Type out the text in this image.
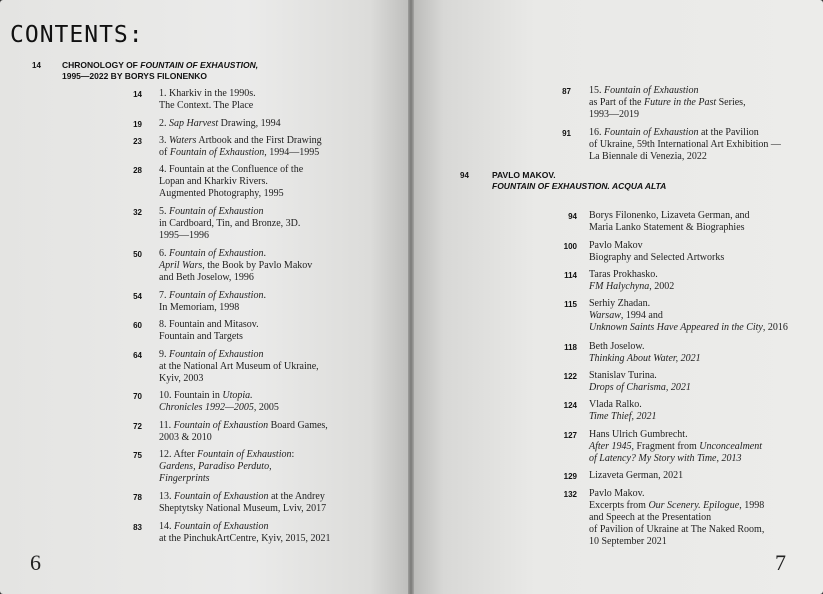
CONTENTS:
14 CHRONOLOGY OF FOUNTAIN OF EXHAUSTION,
1995—2022 BY BORYS FILONENKO
14 1. Kharkiv in the 1990s.
The Context. The Place
19 2. Sap Harvest Drawing, 1994
23 3. Waters Artbook and the First Drawing
of Fountain of Exhaustion, 1994—1995
28 4. Fountain at the Confluence of the
Lopan and Kharkiv Rivers.
Augmented Photography, 1995
32 5. Fountain of Exhaustion
in Cardboard, Tin, and Bronze, 3D.
1995—1996
50 6. Fountain of Exhaustion.
April Wars, the Book by Pavlo Makov
and Beth Joselow, 1996
54 7. Fountain of Exhaustion.
In Memoriam, 1998
60 8. Fountain and Mitasov.
Fountain and Targets
64 9. Fountain of Exhaustion
at the National Art Museum of Ukraine,
Kyiv, 2003
70 10. Fountain in Utopia.
Chronicles 1992—2005, 2005
72 11. Fountain of Exhaustion Board Games,
2003 & 2010
75 12. After Fountain of Exhaustion:
Gardens, Paradiso Perduto,
Fingerprints
78 13. Fountain of Exhaustion at the Andrey
Sheptytsky National Museum, Lviv, 2017
83 14. Fountain of Exhaustion
at the PinchukArtCentre, Kyiv, 2015, 2021
6
87 15. Fountain of Exhaustion
as Part of the Future in the Past Series,
1993—2019
91 16. Fountain of Exhaustion at the Pavilion
of Ukraine, 59th International Art Exhibition —
La Biennale di Venezia, 2022
94	PAVLO MAKOV.
FOUNTAIN OF EXHAUSTION. ACQUA ALTA
94 Borys Filonenko, Lizaveta German, and
Maria Lanko Statement & Biographies
100 Pavlo Makov
Biography and Selected Artworks
114 Taras Prokhasko.
FM Halychyna, 2002
115 Serhiy Zhadan.
Warsaw, 1994 and
Unknown Saints Have Appeared in the City, 2016
118 Beth Joselow.
Thinking About Water, 2021
122 Stanislav Turina.
Drops of Charisma, 2021
124 Vlada Ralko.
Time Thief, 2021
127 Hans Ulrich Gumbrecht.
After 1945, Fragment from Unconcealment
of Latency? My Story with Time, 2013
129 Lizaveta German, 2021
132 Pavlo Makov.
Excerpts from Our Scenery. Epilogue, 1998
and Speech at the Presentation
of Pavilion of Ukraine at The Naked Room,
10 September 2021
7
